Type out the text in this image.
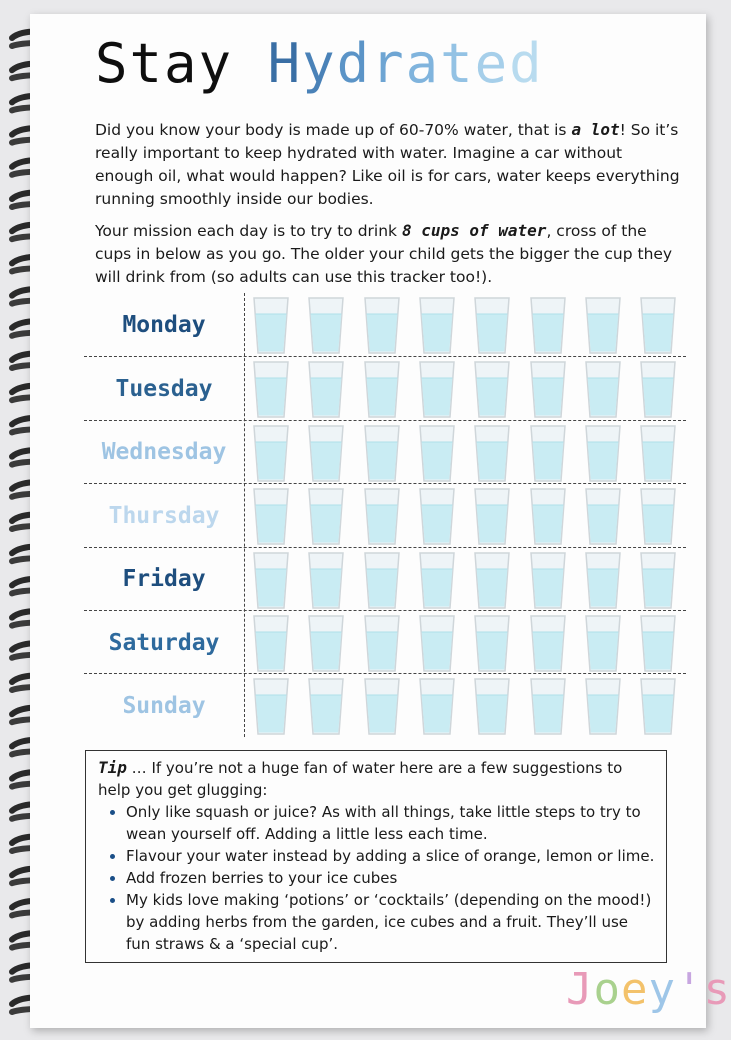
Stay Hydrated

Did you know your body is made up of 60-70% water, that is a lot! So it’s really important to keep hydrated with water. Imagine a car without enough oil, what would happen? Like oil is for cars, water keeps everything running smoothly inside our bodies.

Your mission each day is to try to drink 8 cups of water, cross of the cups in below as you go. The older your child gets the bigger the cup they will drink from (so adults can use this tracker too!).

Monday
Tuesday
Wednesday
Thursday
Friday
Saturday
Sunday
Tip … If you’re not a huge fan of water here are a few suggestions to help you get glugging:
• Only like squash or juice? As with all things, take little steps to try to wean yourself off. Adding a little less each time.
• Flavour your water instead by adding a slice of orange, lemon or lime.
• Add frozen berries to your ice cubes
• My kids love making ‘potions’ or ‘cocktails’ (depending on the mood!) by adding herbs from the garden, ice cubes and a fruit. They’ll use fun straws & a ‘special cup’.
Joey's
